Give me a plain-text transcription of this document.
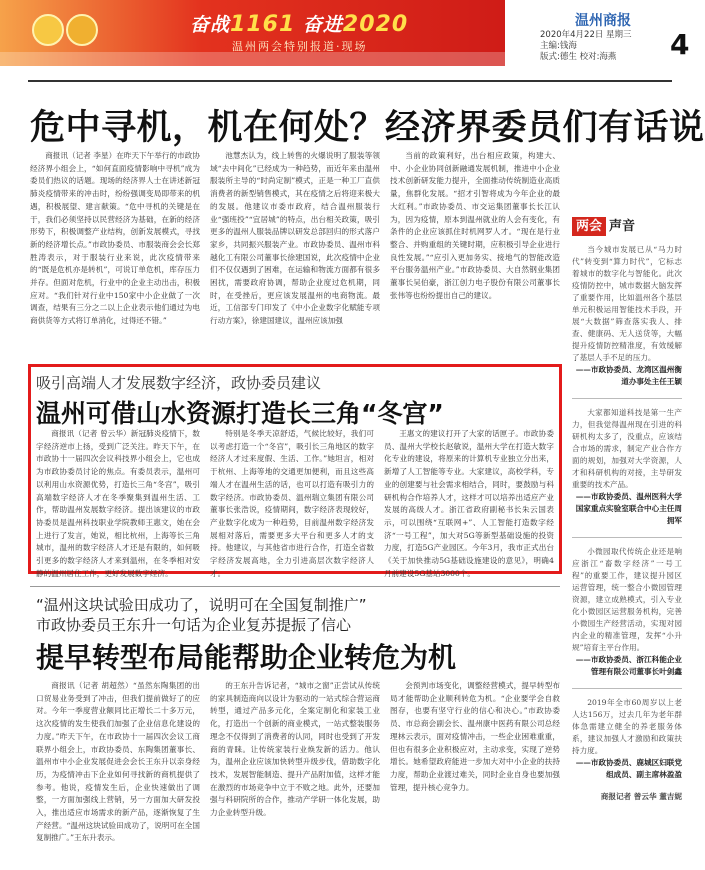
奋战1161 奋进2020
温州两会特别报道·现场
温州商报
2020年4月22日 星期三
主编:钱海
版式:德生 校对:海燕	4
危中寻机，机在何处？经济界委员们有话说

商报讯（记者 李星）在昨天下午举行的市政协经济界小组会上，“如何直面疫情影响中寻机”成为委员们热议的话题。现场的经济界人士在讲述新冠肺炎疫情带来的冲击时，纷纷强调变局即带来的机遇，积极展望、建言献策。“危中寻机的关键是在于，我们必须坚持以民营经济为基础，在新的经济形势下，积极调整产业结构，创新发展模式，寻找新的经济增长点。”市政协委员、市服装商会会长郑胜涛表示，对于服装行业来说，此次疫情带来的“既是危机亦是转机”，可说订单危机，库存压力并存。但面对危机，行业中的企业主动出击，积极应对。“我们针对行业中150家中小企业做了一次调查，结果有三分之二以上企业表示他们通过为电商供货等方式将订单消化，过得还不错。”

池慧杰认为，线上转售的火爆说明了服装等领域“去中间化”已经成为一种趋势，而近年来由温州服装所主导的“时尚定制”模式，正是一种工厂直供消费者的新型销售模式，其在疫情之后将迎来极大的发展。他建议市委市政府，结合温州服装行业“强班投”“宜居城”的特点，出台相关政策，吸引更多的温州人服装品牌以研发总部回归的形式落户家乡，共同振兴服装产业。市政协委员、温州市科越化工有限公司董事长徐建国说，此次疫情中企业们不仅仅遇到了困难，在运输和物流方面都有很多困扰，需要政府协调，帮助企业度过危机期，同时，在受挫后，更应该发展温州的电商物流。最近，工信部专门印发了《中小企业数字化赋能专项行动方案》，徐建国建议，温州应该加强

当前的政策利好，出台相应政策，构建大、中、小企业协同创新融通发展机制，推进中小企业技术创新研发能力提升，全面推动传统制造业高质量，焦群化发展。“招才引智将成为今年企业的最大红利。”市政协委员、市交运集团董事长长江认为，因为疫情，原本到温州就业的人会有变化，有条件的企业应该抓住时机网罗人才。“现在是行业整合、并购重组的关键时期，应积极引导企业进行良性发展。”“应引入更加务实、接地气的智能改造平台服务温州产业。”市政协委员、大自然钢业集团董事长吴伯豪，浙江创力电子股份有限公司董事长张伟等也纷纷提出自己的建议。

两会 声音
当今城市发展已从“马力时代”转变到“算力时代”，它标志着城市的数字化与智能化。此次疫情防控中，城市数据大脑发挥了重要作用，比如温州各个基层单元积极运用智能技术手段，开展“大数据”筛查落实我人、排查、健康码、无人送货等，大幅提升疫情防控精准度，有效缓解了基层人手不足的压力。
——市政协委员、龙湾区温州衡道办事处主任王颖
大家都知道科技是第一生产力，但我觉得温州现在引进的科研机构太多了，没重点，应该结合市场的需求，制定产业合作方面的规划，加强对大学资源，人才和科研机构的对接，主导研发重要的技术产品。
——市政协委员、温州医科大学国家重点实验室联合中心主任周拥军
小微园取代传统企业还是响应浙江“畜数字经济”一号工程”的重要工作，建议提升园区运营管理，统一整合小微园管理资源，建立成熟模式，引入专业化小微园区运营服务机构，完善小微园生产经营活动，实现对园内企业的精准管理，发挥“小升规”培育主平台作用。
——市政协委员、浙江科能企业管理有限公司董事长叶剑鑫
2019年全市60周岁以上老人达156万，过去几年为老年群体急需建立健全的养老服务体系，建议加强人才激励和政策扶持力度。
——市政协委员、鹿城区妇联党组成员、副主席林盈盈
商报记者 曾云华 董吉妮
吸引高端人才发展数字经济，政协委员建议
温州可借山水资源打造长三角“冬宫”

商报讯（记者 曾云华）新冠肺炎疫情下，数字经济逆市上扬，受到广泛关注。昨天下午，在市政协十一届四次会议科技界小组会上，它也成为市政协委员讨论的焦点。有委员表示，温州可以利用山水资源优势，打造长三角“冬宫”，吸引高端数字经济人才在冬季聚集到温州生活、工作，帮助温州发展数字经济。提出该建议的市政协委员是温州科技职业学院教师王惠文，她在会上进行了发言，她说，相比杭州，上海等长三角城市，温州的数字经济人才还是有限的，如何吸引更多的数字经济人才来到温州，在冬季相对安静的温州居住工作，更好发展数字经济。

特别是冬季天凉舒适，气候比较好，我们可以考虑打造一个“冬宫”，吸引长三角地区的数字经济人才过来度假、生活、工作。”她坦言，相对于杭州、上海等地的交通更加便利，而且这些高端人才在温州生活的话，也可以打造有吸引力的数字经济。市政协委员、温州瑞立集团有限公司董事长张浩说，疫情期间，数字经济表现较好，产业数字化成为一种趋势，目前温州数字经济发展相对落后，需要更多大平台和更多人才的支持。他建议，与其他省市进行合作，打造全省数字经济发展高地，全力引进高层次数字经济人才。

王惠文的建议打开了大家的话匣子。市政协委员、温州大学校长赵敏说，温州大学在打造大数字化专业的建设，将原来的计算机专业独立分出来，新增了人工智能等专业。大家建议，高校学科，专业的创建要与社会需求相结合，同时，要鼓励与科研机构合作培养人才，这样才可以培养出适应产业发展的高级人才。浙江省政府副秘书长朱云国表示，可以围绕“互联网+”、人工智能打造数字经济“一号工程”，加大对5G等新型基础设施的投资力度，打造5G产业园区。今年3月，我市正式出台《关于加快推动5G基础设施建设的意见》，明确4月前建设5G基站3000个。

“温州这块试验田成功了，说明可在全国复制推广”
市政协委员王东升一句话为企业复苏提振了信心
提早转型布局能帮助企业转危为机

商报讯（记者 胡超然）“虽然东陶集团的出口贸易业务受到了冲击，但我们提前做好了的应对。今年一季度营业额同比正增长二十多万元，这次疫情的发生使我们加强了企业信息化建设的力度。”昨天下午，在市政协十一届四次会议工商联界小组会上，市政协委员、东陶集团董事长、温州市中小企业发展促进会会长王东升以亲身经历，为疫情冲击下企业如何寻找新的商机提供了参考。他说，疫情发生后，企业快速做出了调整，一方面加强线上营销，另一方面加大研发投入，推出适应市场需求的新产品，逐渐恢复了生产经营。“温州这块试验田成功了，说明可在全国复制推广。”王东升表示。

的王东升告诉记者，“城市之窗”正尝试从传统的家具制造商向以设计为驱动的一站式综合营运商转型，通过产品多元化，全案定制化和家装工业化，打造出一个创新的商业模式，一站式整装服务理念不仅得到了消费者的认同，同时也受到了开发商的青睐。让传统家装行业焕发新的活力。他认为，温州企业应该加快转型升级步伐，借助数字化技术，发展智能制造、提升产品附加值，这样才能在激烈的市场竞争中立于不败之地。此外，还要加强与科研院所的合作，推动产学研一体化发展，助力企业转型升级。

会预判市场变化，调整经营模式，提早转型布局才能帮助企业顺利转危为机。“企业要学会自救图存，也要有坚守行业的信心和决心。”市政协委员、市总商会副会长、温州康中医药有限公司总经理林云表示，面对疫情冲击，一些企业困难重重，但也有很多企业积极应对，主动求变，实现了逆势增长。她希望政府能进一步加大对中小企业的扶持力度，帮助企业渡过难关，同时企业自身也要加强管理，提升核心竞争力。
